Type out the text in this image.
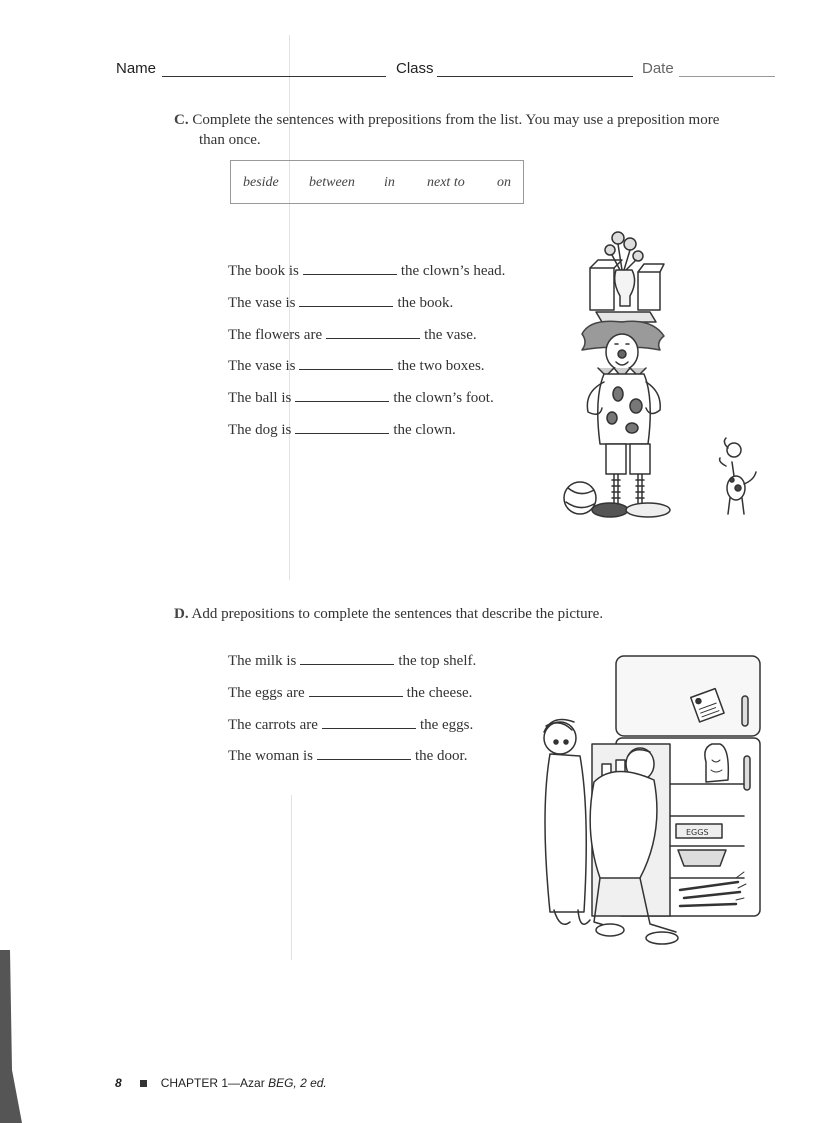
Name	Class	Date
C. Complete the sentences with prepositions from the list. You may use a preposition more
than once.
beside between in next to on
The book is	the clown’s head.
The vase is	the book.
The flowers are	the vase.
The vase is	the two boxes.
The ball is	the clown’s foot.
The dog is	the clown.
D. Add prepositions to complete the sentences that describe the picture.
The milk is	the top shelf.
The eggs are	the cheese.
The carrots are	the eggs.
The woman is	the door.
EGGS
8	CHAPTER 1—Azar BEG, 2 ed.
